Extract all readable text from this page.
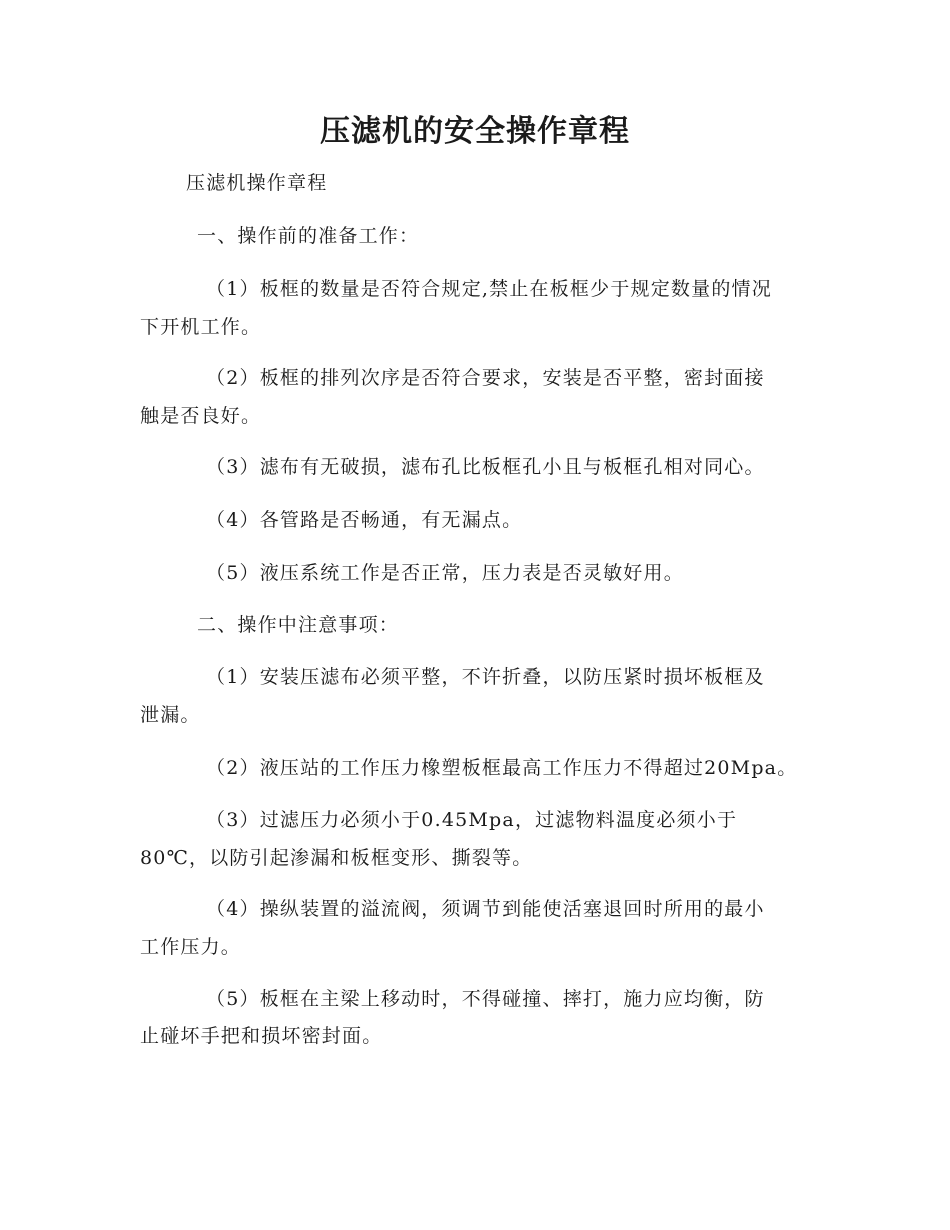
压滤机的安全操作章程

压滤机操作章程

一、操作前的准备工作：

（1）板框的数量是否符合规定,禁止在板框少于规定数量的情况

下开机工作。

（2）板框的排列次序是否符合要求，安装是否平整，密封面接

触是否良好。

（3）滤布有无破损，滤布孔比板框孔小且与板框孔相对同心。

（4）各管路是否畅通，有无漏点。

（5）液压系统工作是否正常，压力表是否灵敏好用。

二、操作中注意事项：

（1）安装压滤布必须平整，不许折叠，以防压紧时损坏板框及

泄漏。

（2）液压站的工作压力橡塑板框最高工作压力不得超过20Mpa。

（3）过滤压力必须小于0.45Mpa，过滤物料温度必须小于

80℃，以防引起渗漏和板框变形、撕裂等。

（4）操纵装置的溢流阀，须调节到能使活塞退回时所用的最小

工作压力。

（5）板框在主梁上移动时，不得碰撞、摔打，施力应均衡，防

止碰坏手把和损坏密封面。
